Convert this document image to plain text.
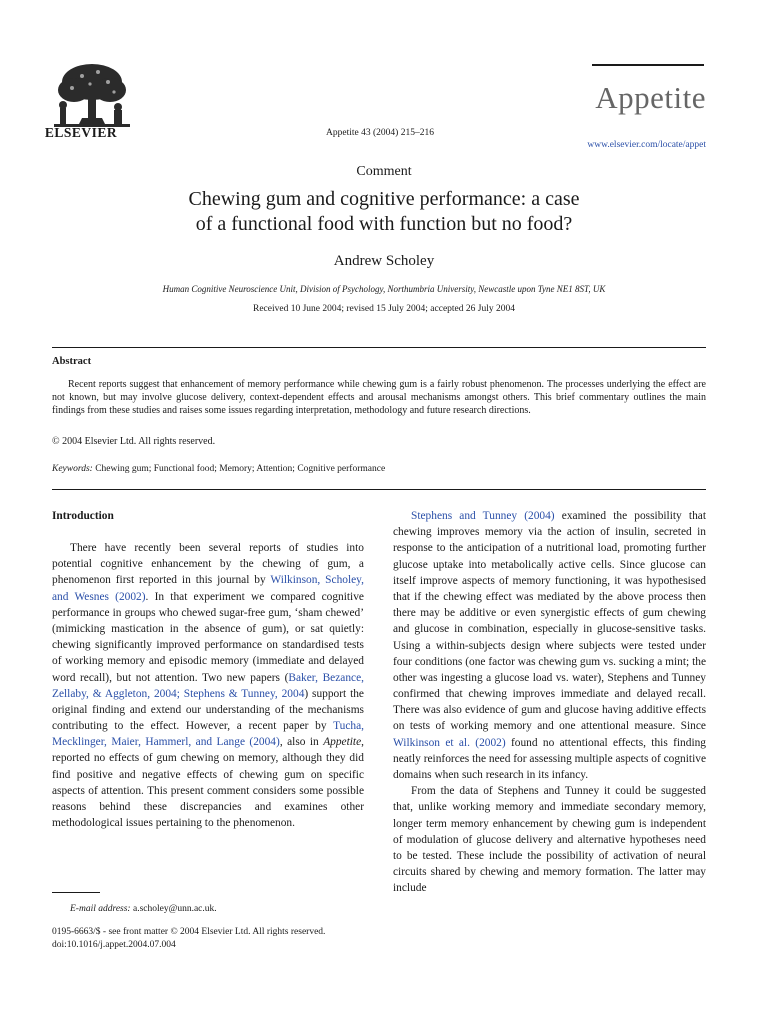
ELSEVIER	Appetite 43 (2004) 215–216
Appetite
www.elsevier.com/locate/appet
Comment
Chewing gum and cognitive performance: a case
of a functional food with function but no food?
Andrew Scholey
Human Cognitive Neuroscience Unit, Division of Psychology, Northumbria University, Newcastle upon Tyne NE1 8ST, UK
Received 10 June 2004; revised 15 July 2004; accepted 26 July 2004
Abstract

Recent reports suggest that enhancement of memory performance while chewing gum is a fairly robust phenomenon. The processes underlying the effect are not known, but may involve glucose delivery, context-dependent effects and arousal mechanisms amongst others. This brief commentary outlines the main findings from these studies and raises some issues regarding interpretation, methodology and future research directions.

© 2004 Elsevier Ltd. All rights reserved.
Keywords: Chewing gum; Functional food; Memory; Attention; Cognitive performance
Introduction

There have recently been several reports of studies into potential cognitive enhancement by the chewing of gum, a phenomenon first reported in this journal by Wilkinson, Scholey, and Wesnes (2002). In that experiment we compared cognitive performance in groups who chewed sugar-free gum, ‘sham chewed’ (mimicking mastication in the absence of gum), or sat quietly: chewing significantly improved performance on standardised tests of working memory and episodic memory (immediate and delayed word recall), but not attention. Two new papers (Baker, Bezance, Zellaby, & Aggleton, 2004; Stephens & Tunney, 2004) support the original finding and extend our understanding of the mechanisms contributing to the effect. However, a recent paper by Tucha, Mecklinger, Maier, Hammerl, and Lange (2004), also in Appetite, reported no effects of gum chewing on memory, although they did find positive and negative effects of chewing gum on specific aspects of attention. This present comment considers some possible reasons behind these discrepancies and examines other methodological issues pertaining to the phenomenon.

Stephens and Tunney (2004) examined the possibility that chewing improves memory via the action of insulin, secreted in response to the anticipation of a nutritional load, promoting further glucose uptake into metabolically active cells. Since glucose can itself improve aspects of memory functioning, it was hypothesised that if the chewing effect was mediated by the above process then there may be additive or even synergistic effects of gum chewing and glucose in combination, especially in glucose-sensitive tasks. Using a within-subjects design where subjects were tested under four conditions (one factor was chewing gum vs. sucking a mint; the other was ingesting a glucose load vs. water), Stephens and Tunney confirmed that chewing improves immediate and delayed recall. There was also evidence of gum and glucose having additive effects on tests of working memory and one attentional measure. Since Wilkinson et al. (2002) found no attentional effects, this finding neatly reinforces the need for assessing multiple aspects of cognitive domains when such research in its infancy.

From the data of Stephens and Tunney it could be suggested that, unlike working memory and immediate secondary memory, longer term memory enhancement by chewing gum is independent of modulation of glucose delivery and alternative hypotheses need to be tested. These include the possibility of activation of neural circuits shared by chewing and memory formation. The latter may include

E-mail address: a.scholey@unn.ac.uk.
0195-6663/$ - see front matter © 2004 Elsevier Ltd. All rights reserved.
doi:10.1016/j.appet.2004.07.004
